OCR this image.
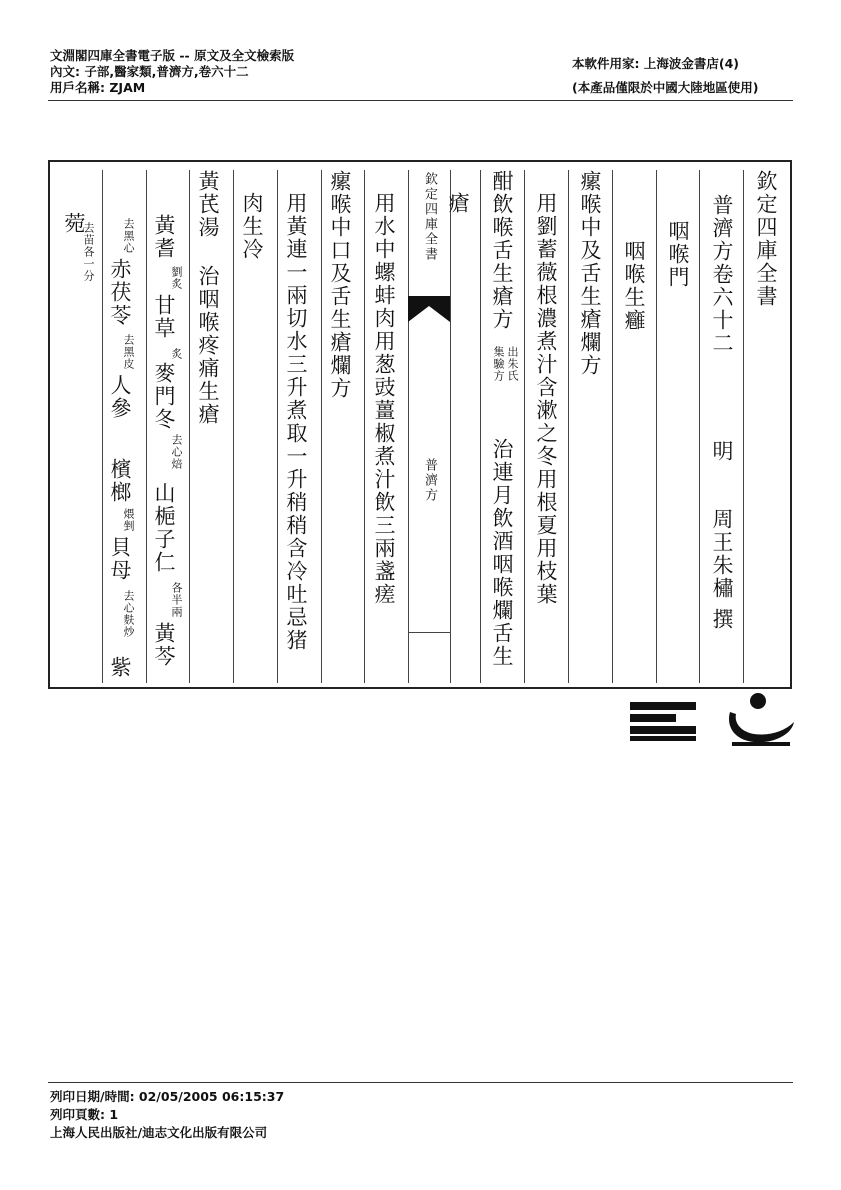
文淵閣四庫全書電子版 -- 原文及全文檢索版
內文: 子部,醫家類,普濟方,卷六十二
用戶名稱: ZJAM
本軟件用家: 上海波金書店(4)
(本產品僅限於中國大陸地區使用)
欽定四庫全書
普濟方卷六十二
明
周王朱橚
撰
咽喉門
咽喉生癰
瘰喉中及舌生瘡爛方
用劉蓄薇根濃煮汁含漱之冬用根夏用枝葉
酣飲喉舌生瘡方
出朱氏
集驗方
治連月飲酒咽喉爛舌生
瘡
欽定四庫全書
普濟方
用水中螺蚌肉用葱豉薑椒煮汁飲三兩盞瘥
瘰喉中口及舌生瘡爛方
用黃連一兩切水三升煮取一升稍稍含冷吐忌猪
肉生冷
黃芪湯 治咽喉疼痛生瘡
黃耆
劉炙
甘草
炙
麥門冬
去心焙
山梔子仁
各半兩
黃芩
去黑心
赤茯苓
去黑皮
人參
檳榔
煨剉
貝母
去心麩炒
紫
菀
去苗各一分
列印日期/時間: 02/05/2005 06:15:37
列印頁數: 1
上海人民出版社/迪志文化出版有限公司
